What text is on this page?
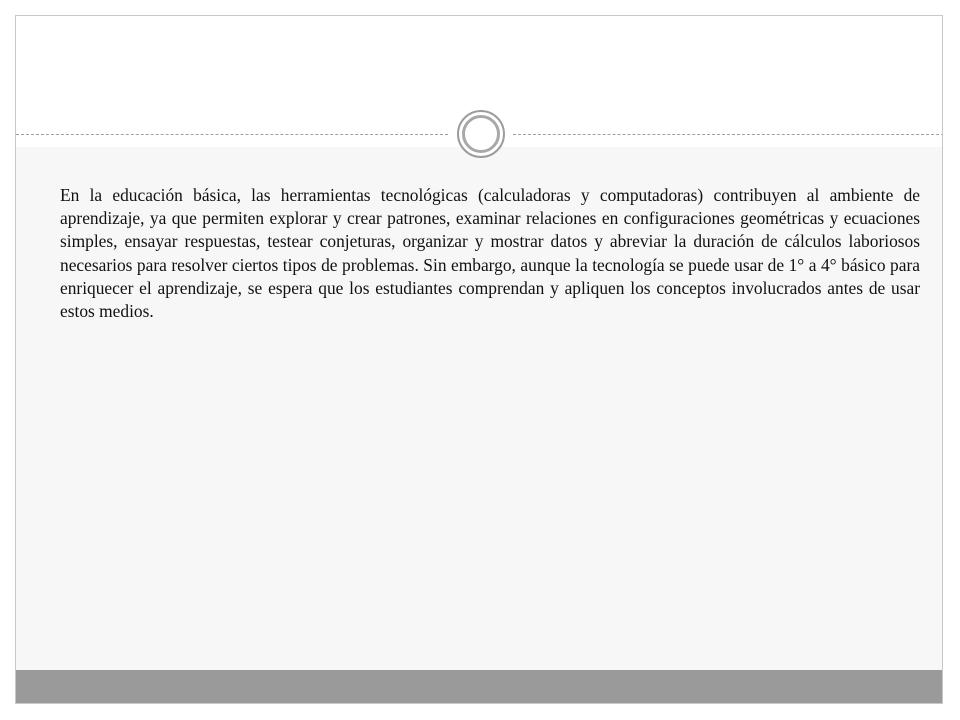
En la educación básica, las herramientas tecnológicas (calculadoras y computadoras) contribuyen al ambiente de aprendizaje, ya que permiten explorar y crear patrones, examinar relaciones en configuraciones geométricas y ecuaciones simples, ensayar respuestas, testear conjeturas, organizar y mostrar datos y abreviar la duración de cálculos laboriosos necesarios para resolver ciertos tipos de problemas. Sin embargo, aunque la tecnología se puede usar de 1° a 4° básico para enriquecer el aprendizaje, se espera que los estudiantes comprendan y apliquen los conceptos involucrados antes de usar estos medios.
